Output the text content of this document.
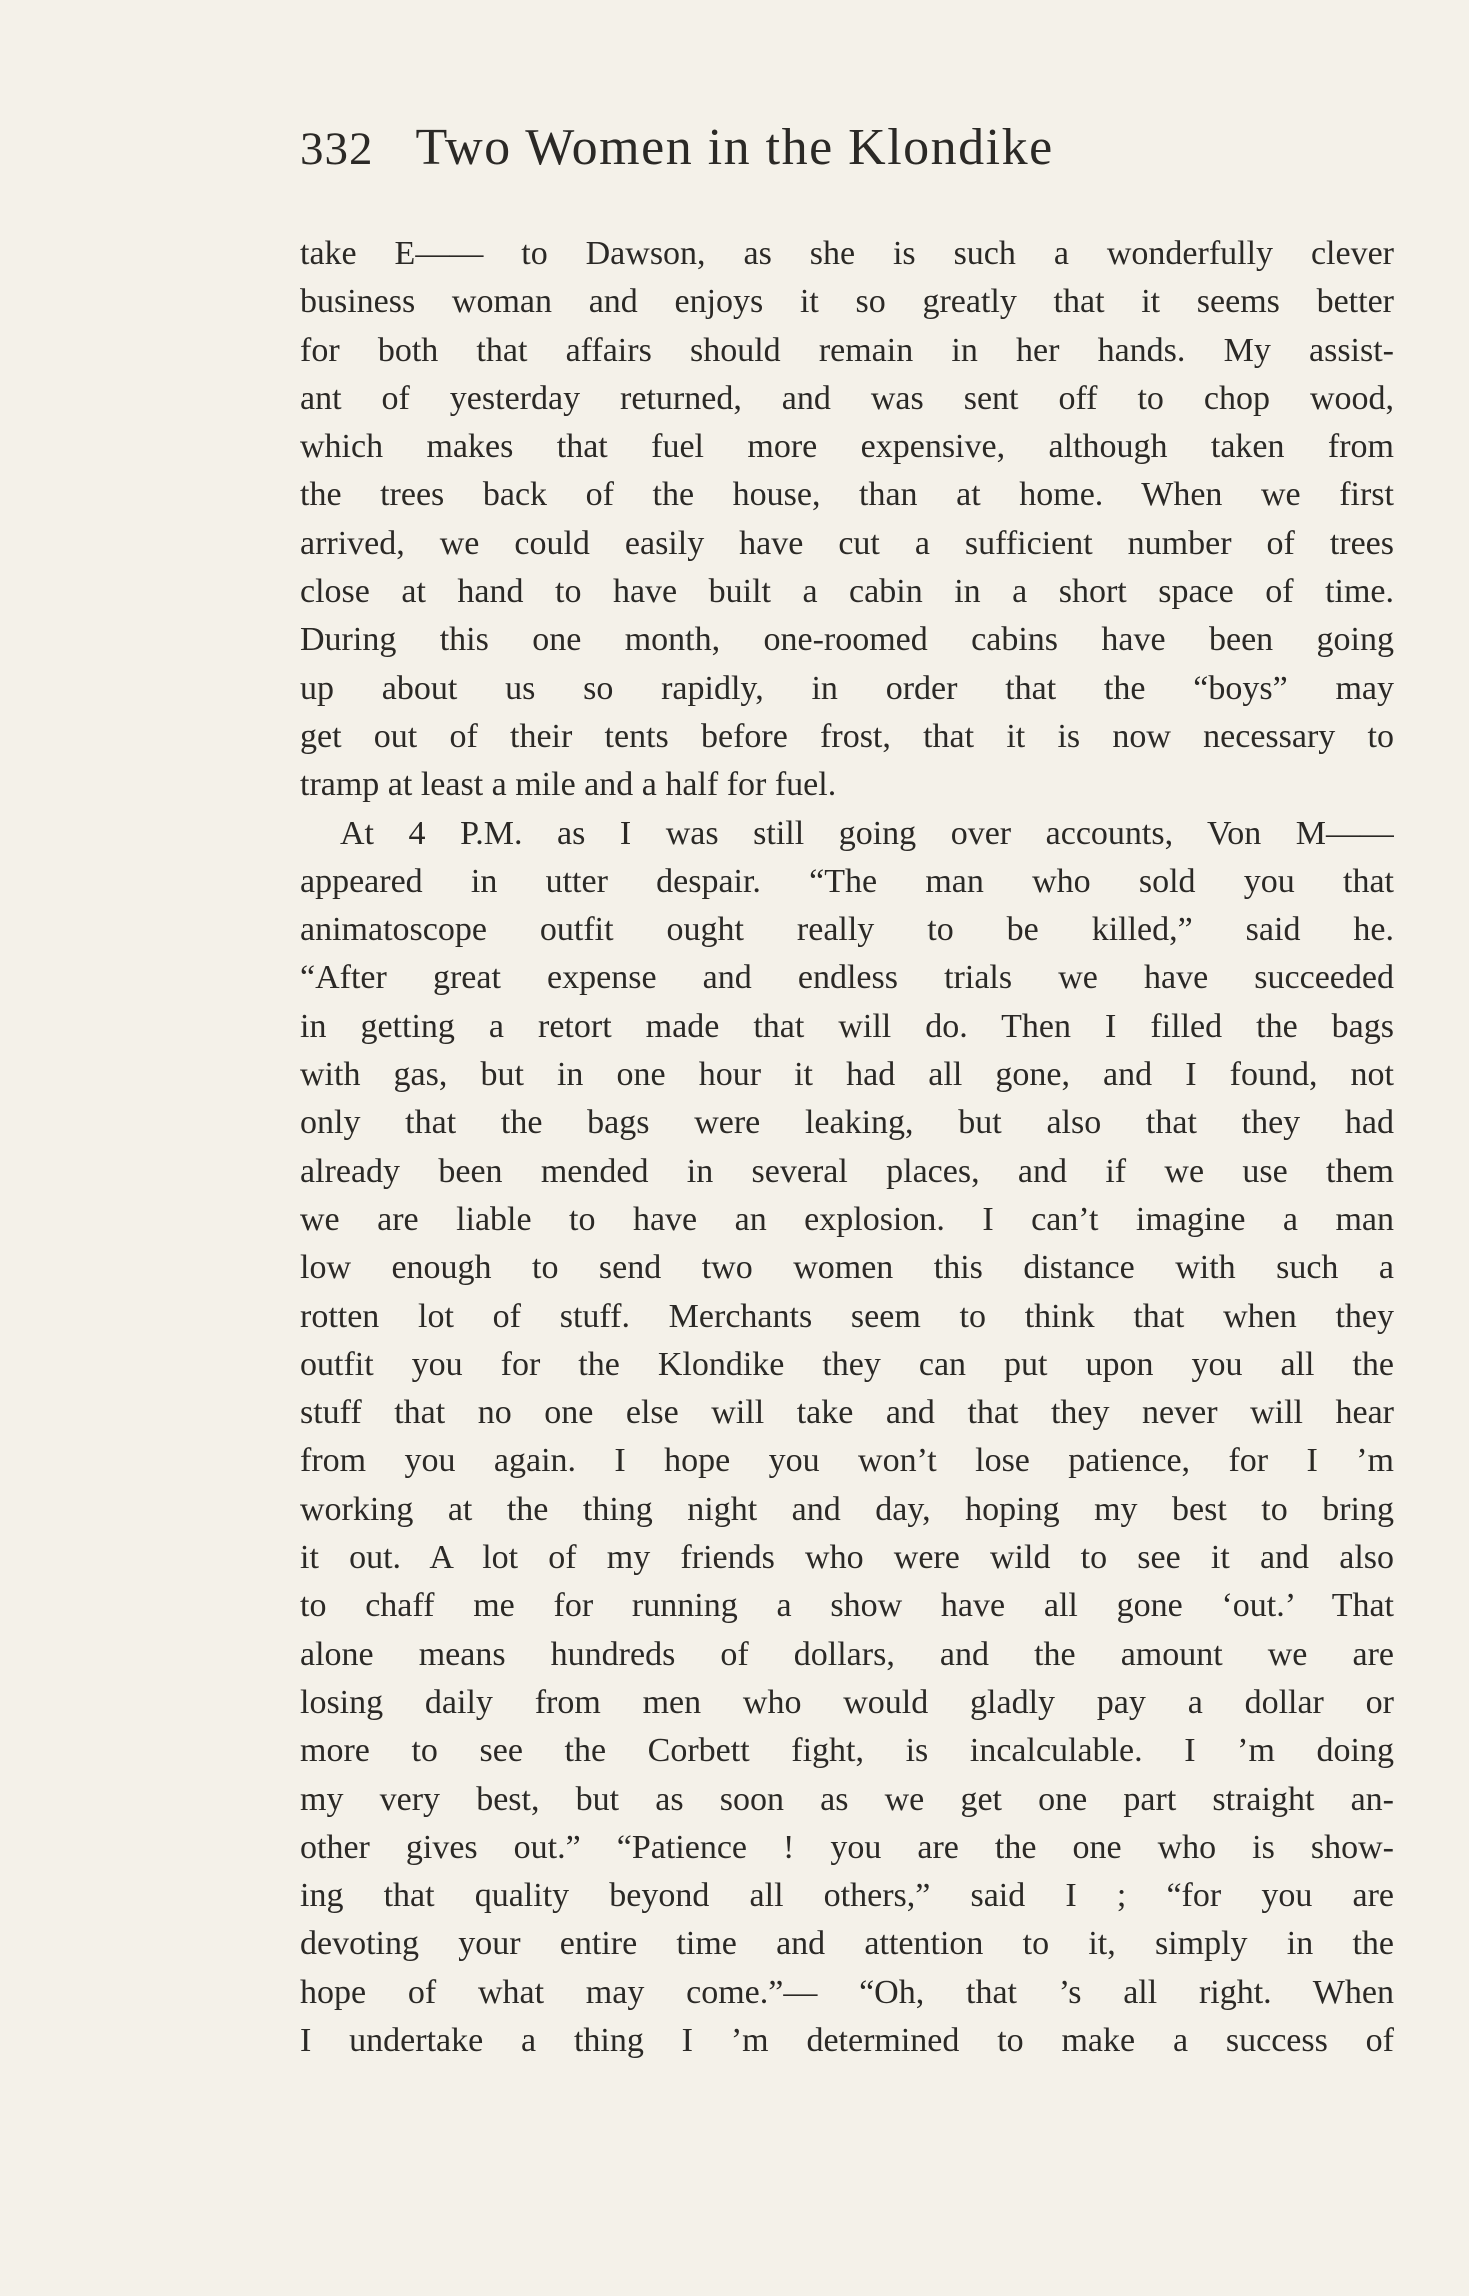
332 Two Women in the Klondike
take E—— to Dawson, as she is such a wonderfully clever
business woman and enjoys it so greatly that it seems better
for both that affairs should remain in her hands. My assist-
ant of yesterday returned, and was sent off to chop wood,
which makes that fuel more expensive, although taken from
the trees back of the house, than at home. When we first
arrived, we could easily have cut a sufficient number of trees
close at hand to have built a cabin in a short space of time.
During this one month, one-roomed cabins have been going
up about us so rapidly, in order that the “boys” may
get out of their tents before frost, that it is now necessary to
tramp at least a mile and a half for fuel.
At 4 P.M. as I was still going over accounts, Von M——
appeared in utter despair. “The man who sold you that
animatoscope outfit ought really to be killed,” said he.
“After great expense and endless trials we have succeeded
in getting a retort made that will do. Then I filled the bags
with gas, but in one hour it had all gone, and I found, not
only that the bags were leaking, but also that they had
already been mended in several places, and if we use them
we are liable to have an explosion. I can’t imagine a man
low enough to send two women this distance with such a
rotten lot of stuff. Merchants seem to think that when they
outfit you for the Klondike they can put upon you all the
stuff that no one else will take and that they never will hear
from you again. I hope you won’t lose patience, for I ’m
working at the thing night and day, hoping my best to bring
it out. A lot of my friends who were wild to see it and also
to chaff me for running a show have all gone ‘out.’ That
alone means hundreds of dollars, and the amount we are
losing daily from men who would gladly pay a dollar or
more to see the Corbett fight, is incalculable. I ’m doing
my very best, but as soon as we get one part straight an-
other gives out.” “Patience ! you are the one who is show-
ing that quality beyond all others,” said I ; “for you are
devoting your entire time and attention to it, simply in the
hope of what may come.”— “Oh, that ’s all right. When
I undertake a thing I ’m determined to make a success of
